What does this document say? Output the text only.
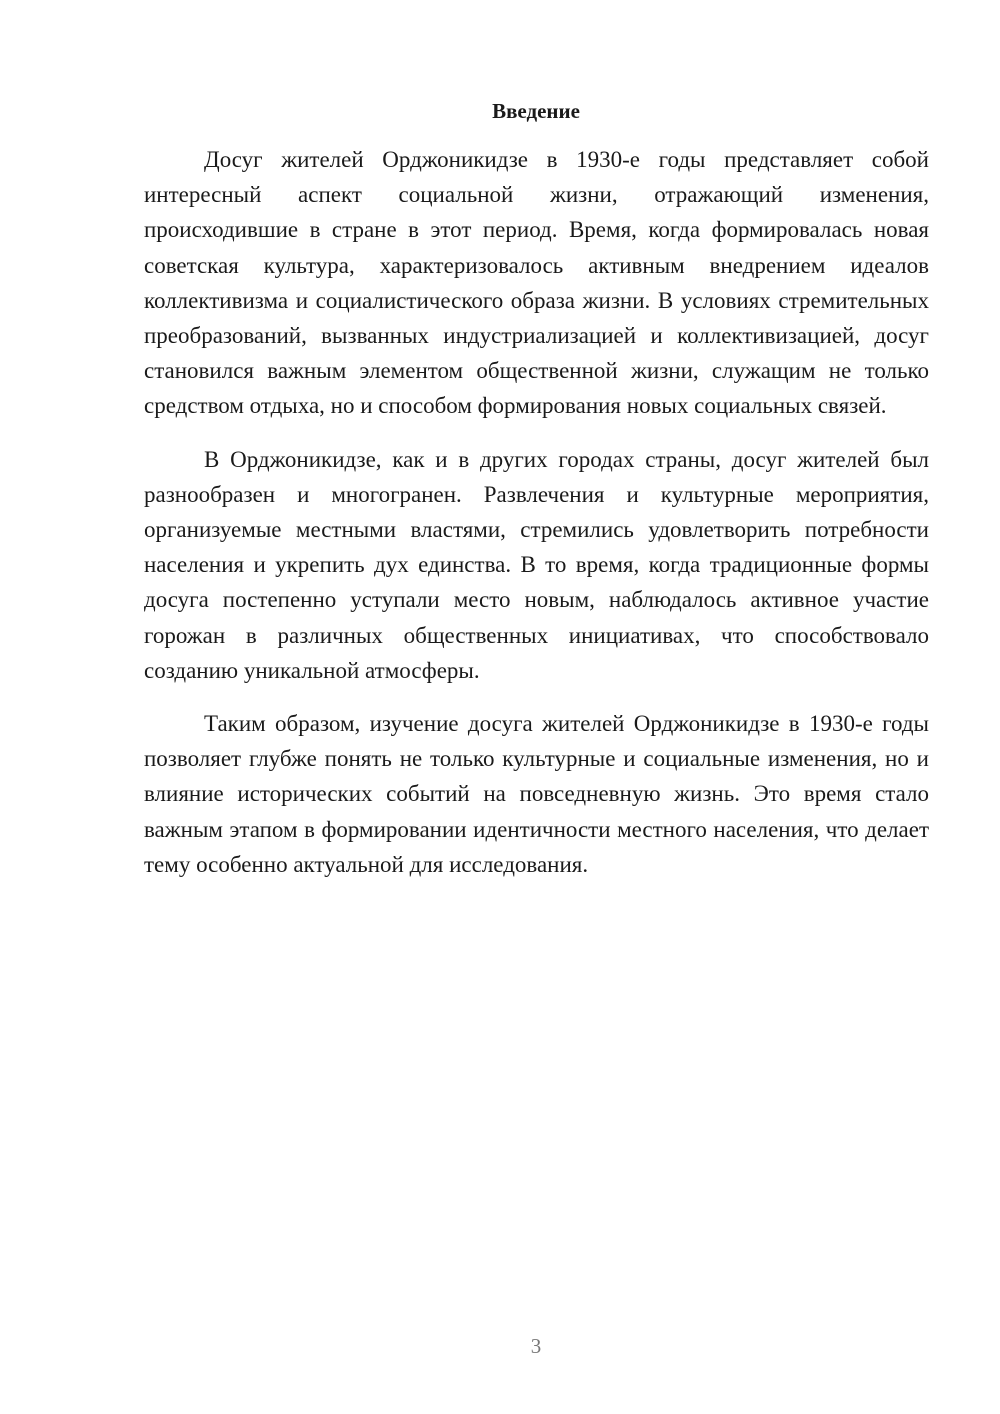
Введение

Досуг жителей Орджоникидзе в 1930-е годы представляет собой интересный аспект социальной жизни, отражающий изменения, происходившие в стране в этот период. Время, когда формировалась новая советская культура, характеризовалось активным внедрением идеалов коллективизма и социалистического образа жизни. В условиях стремительных преобразований, вызванных индустриализацией и коллективизацией, досуг становился важным элементом общественной жизни, служащим не только средством отдыха, но и способом формирования новых социальных связей.

В Орджоникидзе, как и в других городах страны, досуг жителей был разнообразен и многогранен. Развлечения и культурные мероприятия, организуемые местными властями, стремились удовлетворить потребности населения и укрепить дух единства. В то время, когда традиционные формы досуга постепенно уступали место новым, наблюдалось активное участие горожан в различных общественных инициативах, что способствовало созданию уникальной атмосферы.

Таким образом, изучение досуга жителей Орджоникидзе в 1930-е годы позволяет глубже понять не только культурные и социальные изменения, но и влияние исторических событий на повседневную жизнь. Это время стало важным этапом в формировании идентичности местного населения, что делает тему особенно актуальной для исследования.

3
